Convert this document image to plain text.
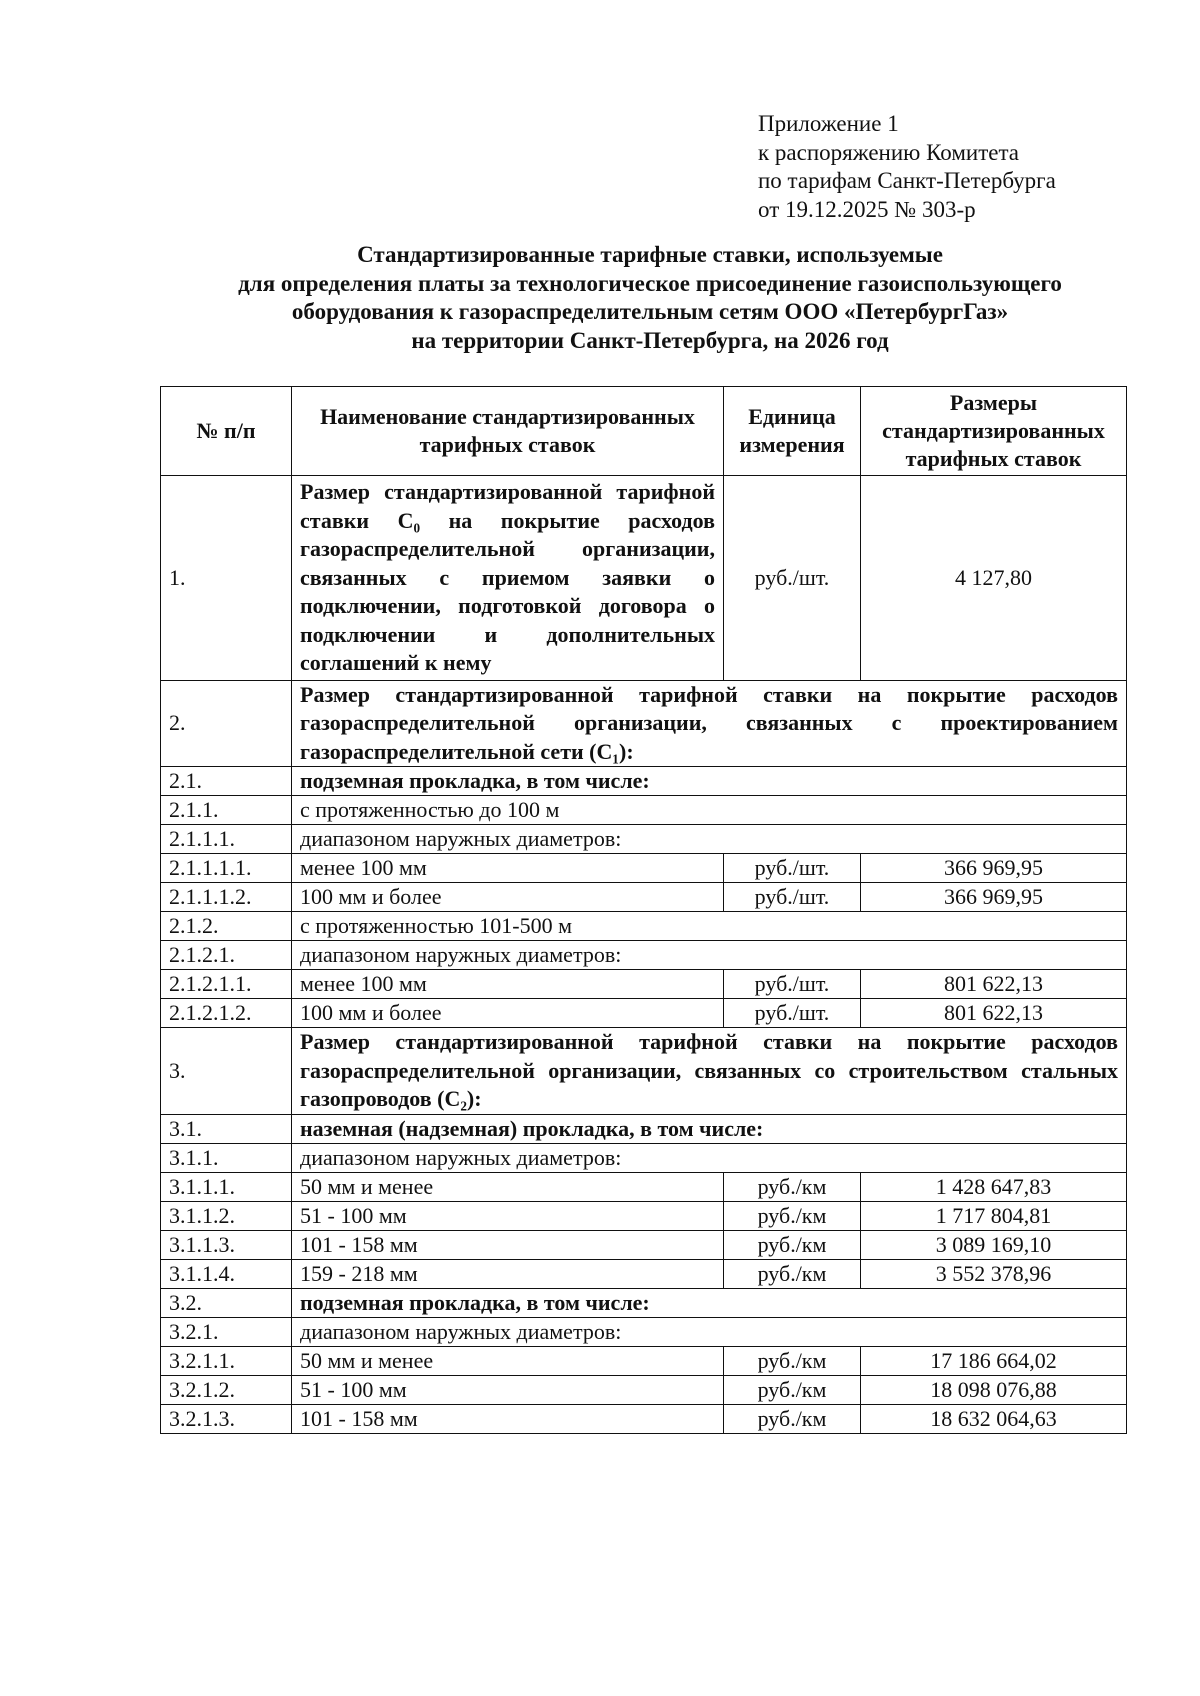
Приложение 1
к распоряжению Комитета
по тарифам Санкт-Петербурга
от 19.12.2025 № 303-р
Стандартизированные тарифные ставки, используемые
для определения платы за технологическое присоединение газоиспользующего
оборудования к газораспределительным сетям ООО «ПетербургГаз»
на территории Санкт-Петербурга, на 2026 год
№ п/п	Наименование стандартизированных тарифных ставок	Единица измерения	Размеры стандартизированных тарифных ставок
1.	Размер стандартизированной тарифной ставки С₀ на покрытие расходов газораспределительной организации, связанных с приемом заявки о подключении, подготовкой договора о подключении и дополнительных соглашений к нему	руб./шт.	4 127,80
2.	Размер стандартизированной тарифной ставки на покрытие расходов газораспределительной организации, связанных с проектированием газораспределительной сети (С₁):		
2.1.	подземная прокладка, в том числе:		
2.1.1.	с протяженностью до 100 м		
2.1.1.1.	диапазоном наружных диаметров:		
2.1.1.1.1.	менее 100 мм	руб./шт.	366 969,95
2.1.1.1.2.	100 мм и более	руб./шт.	366 969,95
2.1.2.	с протяженностью 101-500 м		
2.1.2.1.	диапазоном наружных диаметров:		
2.1.2.1.1.	менее 100 мм	руб./шт.	801 622,13
2.1.2.1.2.	100 мм и более	руб./шт.	801 622,13
3.	Размер стандартизированной тарифной ставки на покрытие расходов газораспределительной организации, связанных со строительством стальных газопроводов (С₂):		
3.1.	наземная (надземная) прокладка, в том числе:		
3.1.1.	диапазоном наружных диаметров:		
3.1.1.1.	50 мм и менее	руб./км	1 428 647,83
3.1.1.2.	51 - 100 мм	руб./км	1 717 804,81
3.1.1.3.	101 - 158 мм	руб./км	3 089 169,10
3.1.1.4.	159 - 218 мм	руб./км	3 552 378,96
3.2.	подземная прокладка, в том числе:		
3.2.1.	диапазоном наружных диаметров:		
3.2.1.1.	50 мм и менее	руб./км	17 186 664,02
3.2.1.2.	51 - 100 мм	руб./км	18 098 076,88
3.2.1.3.	101 - 158 мм	руб./км	18 632 064,63
